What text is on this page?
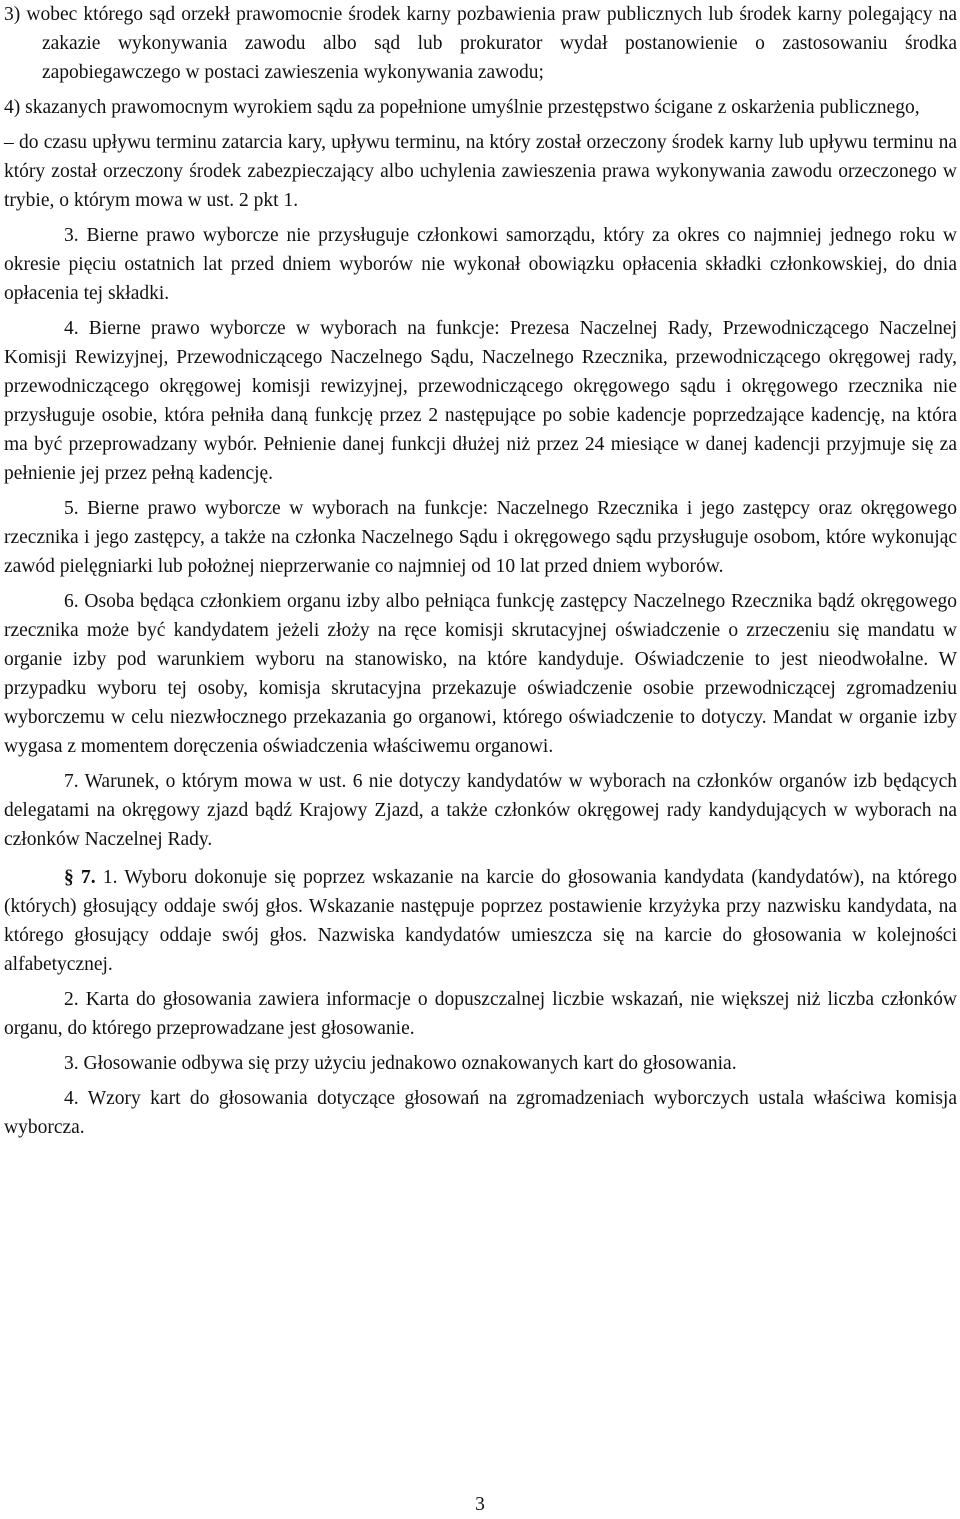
3) wobec którego sąd orzekł prawomocnie środek karny pozbawienia praw publicznych lub środek karny polegający na zakazie wykonywania zawodu albo sąd lub prokurator wydał postanowienie o zastosowaniu środka zapobiegawczego w postaci zawieszenia wykonywania zawodu;

4) skazanych prawomocnym wyrokiem sądu za popełnione umyślnie przestępstwo ścigane z oskarżenia publicznego,

– do czasu upływu terminu zatarcia kary, upływu terminu, na który został orzeczony środek karny lub upływu terminu na który został orzeczony środek zabezpieczający albo uchylenia zawieszenia prawa wykonywania zawodu orzeczonego w trybie, o którym mowa w ust. 2 pkt 1.

3. Bierne prawo wyborcze nie przysługuje członkowi samorządu, który za okres co najmniej jednego roku w okresie pięciu ostatnich lat przed dniem wyborów nie wykonał obowiązku opłacenia składki członkowskiej, do dnia opłacenia tej składki.

4. Bierne prawo wyborcze w wyborach na funkcje: Prezesa Naczelnej Rady, Przewodniczącego Naczelnej Komisji Rewizyjnej, Przewodniczącego Naczelnego Sądu, Naczelnego Rzecznika, przewodniczącego okręgowej rady, przewodniczącego okręgowej komisji rewizyjnej, przewodniczącego okręgowego sądu i okręgowego rzecznika nie przysługuje osobie, która pełniła daną funkcję przez 2 następujące po sobie kadencje poprzedzające kadencję, na która ma być przeprowadzany wybór. Pełnienie danej funkcji dłużej niż przez 24 miesiące w danej kadencji przyjmuje się za pełnienie jej przez pełną kadencję.

5. Bierne prawo wyborcze w wyborach na funkcje: Naczelnego Rzecznika i jego zastępcy oraz okręgowego rzecznika i jego zastępcy, a także na członka Naczelnego Sądu i okręgowego sądu przysługuje osobom, które wykonując zawód pielęgniarki lub położnej nieprzerwanie co najmniej od 10 lat przed dniem wyborów.

6. Osoba będąca członkiem organu izby albo pełniąca funkcję zastępcy Naczelnego Rzecznika bądź okręgowego rzecznika może być kandydatem jeżeli złoży na ręce komisji skrutacyjnej oświadczenie o zrzeczeniu się mandatu w organie izby pod warunkiem wyboru na stanowisko, na które kandyduje. Oświadczenie to jest nieodwołalne. W przypadku wyboru tej osoby, komisja skrutacyjna przekazuje oświadczenie osobie przewodniczącej zgromadzeniu wyborczemu w celu niezwłocznego przekazania go organowi, którego oświadczenie to dotyczy. Mandat w organie izby wygasa z momentem doręczenia oświadczenia właściwemu organowi.

7. Warunek, o którym mowa w ust. 6 nie dotyczy kandydatów w wyborach na członków organów izb będących delegatami na okręgowy zjazd bądź Krajowy Zjazd, a także członków okręgowej rady kandydujących w wyborach na członków Naczelnej Rady.

§ 7. 1. Wyboru dokonuje się poprzez wskazanie na karcie do głosowania kandydata (kandydatów), na którego (których) głosujący oddaje swój głos. Wskazanie następuje poprzez postawienie krzyżyka przy nazwisku kandydata, na którego głosujący oddaje swój głos. Nazwiska kandydatów umieszcza się na karcie do głosowania w kolejności alfabetycznej.

2. Karta do głosowania zawiera informacje o dopuszczalnej liczbie wskazań, nie większej niż liczba członków organu, do którego przeprowadzane jest głosowanie.

3. Głosowanie odbywa się przy użyciu jednakowo oznakowanych kart do głosowania.

4. Wzory kart do głosowania dotyczące głosowań na zgromadzeniach wyborczych ustala właściwa komisja wyborcza.

3
